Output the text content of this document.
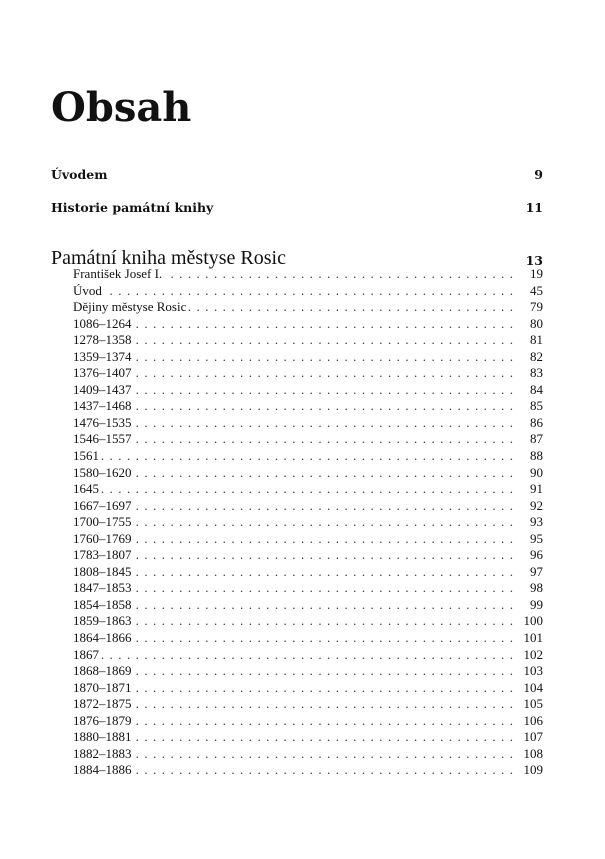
Obsah
Úvodem	9
Historie památní knihy	11
Památní kniha městyse Rosic	13
František Josef I. . . .	19
Úvod . . .	45
Dějiny městyse Rosic . . .	79
1086–1264 . . .	80
1278–1358 . . .	81
1359–1374 . . .	82
1376–1407 . . .	83
1409–1437 . . .	84
1437–1468 . . .	85
1476–1535 . . .	86
1546–1557 . . .	87
1561 . . .	88
1580–1620 . . .	90
1645 . . .	91
1667–1697 . . .	92
1700–1755 . . .	93
1760–1769 . . .	95
1783–1807 . . .	96
1808–1845 . . .	97
1847–1853 . . .	98
1854–1858 . . .	99
1859–1863 . . .	100
1864–1866 . . .	101
1867 . . .	102
1868–1869 . . .	103
1870–1871 . . .	104
1872–1875 . . .	105
1876–1879 . . .	106
1880–1881 . . .	107
1882–1883 . . .	108
1884–1886 . . .	109
